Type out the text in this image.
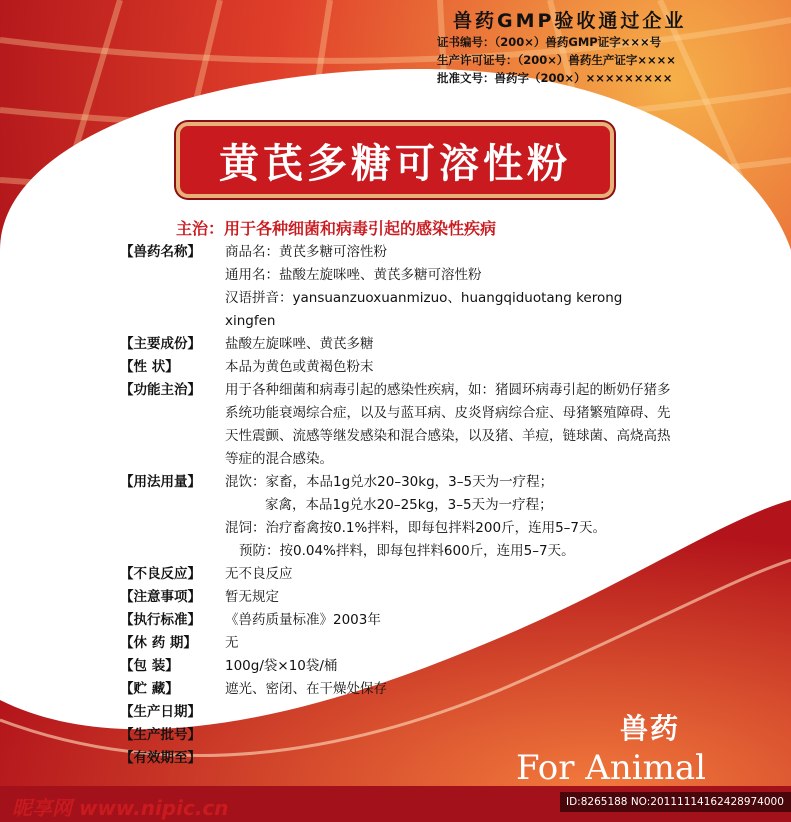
兽药GMP验收通过企业
证书编号：（200×）兽药GMP证字×××号
生产许可证号：（200×）兽药生产证字××××
批准文号：兽药字（200×）×××××××××
黄芪多糖可溶性粉
主治：用于各种细菌和病毒引起的感染性疾病
【兽药名称】	商品名：黄芪多糖可溶性粉
通用名：盐酸左旋咪唑、黄芪多糖可溶性粉
汉语拼音：yansuanzuoxuanmizuo、huangqiduotang kerong
xingfen
【主要成份】	盐酸左旋咪唑、黄芪多糖
【性 状】	本品为黄色或黄褐色粉末
【功能主治】	用于各种细菌和病毒引起的感染性疾病，如：猪圆环病毒引起的断奶仔猪多系统功能衰竭综合症，以及与蓝耳病、皮炎肾病综合症、母猪繁殖障碍、先天性震颤、流感等继发感染和混合感染，以及猪、羊痘，链球菌、高烧高热等症的混合感染。
【用法用量】	混饮：家畜，本品1g兑水20–30kg，3–5天为一疗程；
家禽，本品1g兑水20–25kg，3–5天为一疗程；
混饲：治疗畜禽按0.1%拌料，即每包拌料200斤，连用5–7天。
预防：按0.04%拌料，即每包拌料600斤，连用5–7天。
【不良反应】	无不良反应
【注意事项】	暂无规定
【执行标准】	《兽药质量标准》2003年
【休 药 期】	无
【包 装】	100g/袋×10袋/桶
【贮 藏】	遮光、密闭、在干燥处保存
【生产日期】
【生产批号】
【有效期至】
兽药
For Animal
昵享网 www.nipic.cn	ID:8265188 NO:20111114162428974000
